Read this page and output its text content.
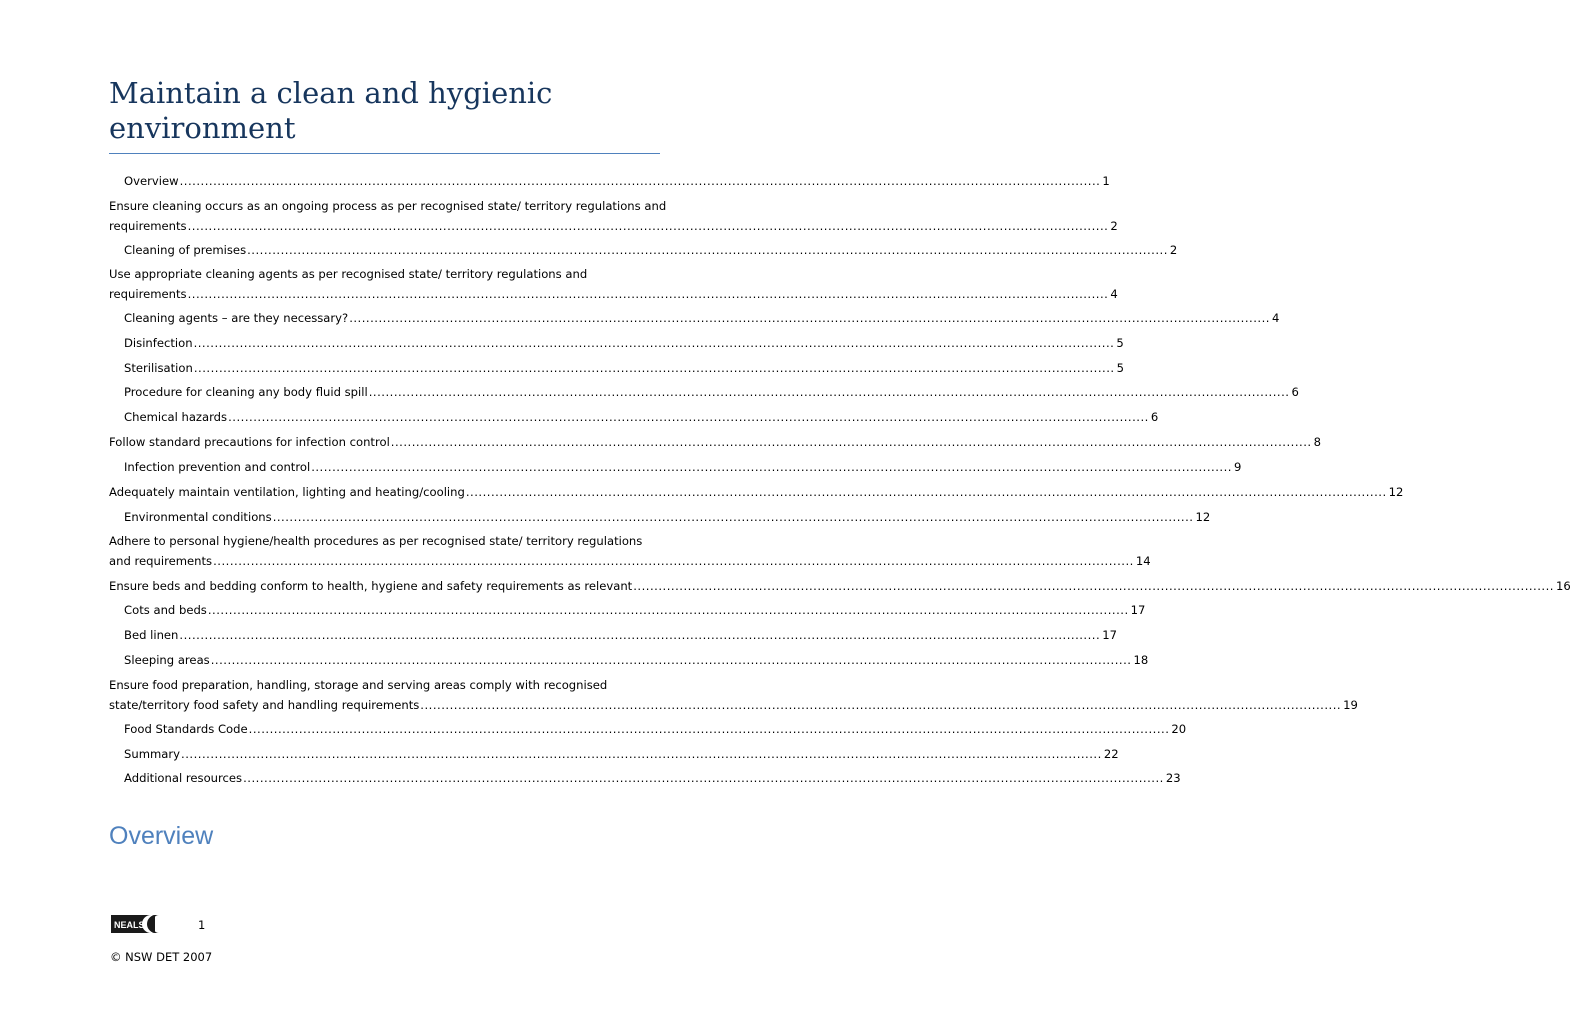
Maintain a clean and hygienic environment
Overview ............................................................................................................................................................................................................................ 1
Ensure cleaning occurs as an ongoing process as per recognised state/ territory regulations and
requirements ............................................................................................................................................................................................................................ 2
Cleaning of premises ............................................................................................................................................................................................................................ 2
Use appropriate cleaning agents as per recognised state/ territory regulations and
requirements ............................................................................................................................................................................................................................ 4
Cleaning agents – are they necessary? ............................................................................................................................................................................................................................ 4
Disinfection ............................................................................................................................................................................................................................ 5
Sterilisation ............................................................................................................................................................................................................................ 5
Procedure for cleaning any body fluid spill ............................................................................................................................................................................................................................ 6
Chemical hazards ............................................................................................................................................................................................................................ 6
Follow standard precautions for infection control ............................................................................................................................................................................................................................ 8
Infection prevention and control ............................................................................................................................................................................................................................ 9
Adequately maintain ventilation, lighting and heating/cooling ............................................................................................................................................................................................................................ 12
Environmental conditions ............................................................................................................................................................................................................................ 12
Adhere to personal hygiene/health procedures as per recognised state/ territory regulations
and requirements ............................................................................................................................................................................................................................ 14
Ensure beds and bedding conform to health, hygiene and safety requirements as relevant ............................................................................................................................................................................................................................ 16
Cots and beds ............................................................................................................................................................................................................................ 17
Bed linen ............................................................................................................................................................................................................................ 17
Sleeping areas ............................................................................................................................................................................................................................ 18
Ensure food preparation, handling, storage and serving areas comply with recognised
state/territory food safety and handling requirements ............................................................................................................................................................................................................................ 19
Food Standards Code ............................................................................................................................................................................................................................ 20
Summary ............................................................................................................................................................................................................................ 22
Additional resources ............................................................................................................................................................................................................................ 23
Overview
NEALS	1
© NSW DET 2007
